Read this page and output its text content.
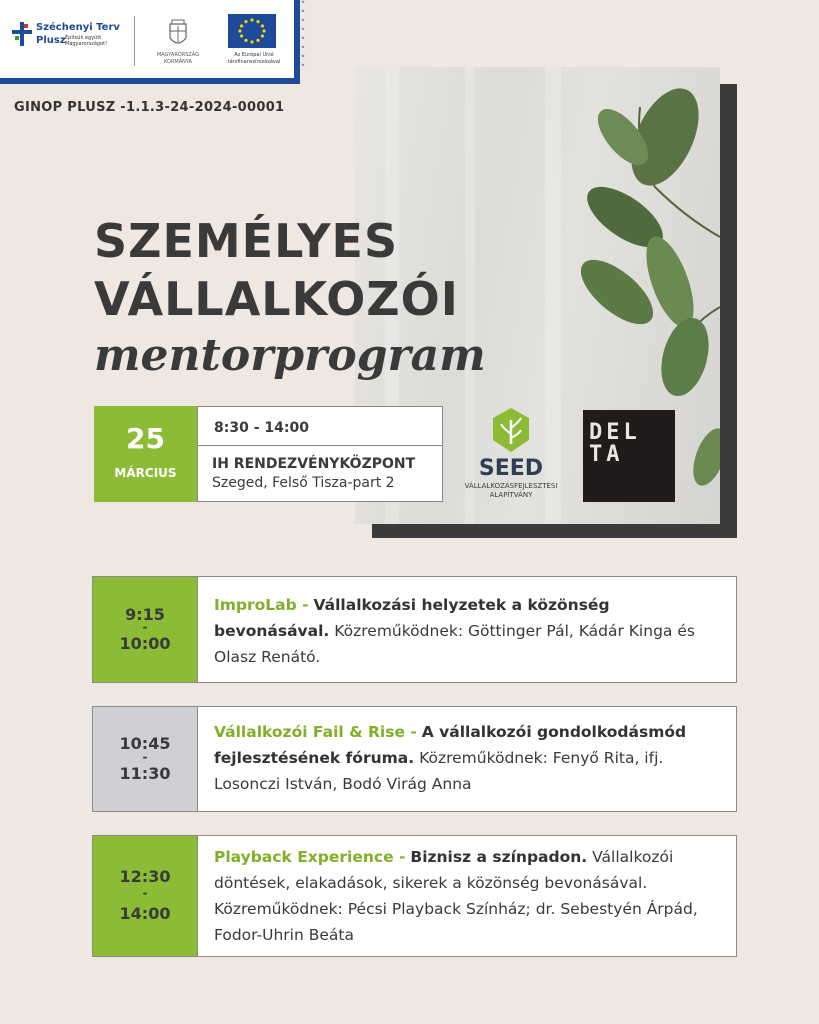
Széchenyi Terv
Plusz Építsük együtt Magyarországot!
MAGYARORSZÁG KORMÁNYA
Az Európai Unió társfinanszírozásával
˅
˅
˅
˅
˅
˅
˅
˅
GINOP PLUSZ -1.1.3-24-2024-00001
SZEMÉLYES
VÁLLALKOZÓI
mentorprogram
25
MÁRCIUS
8:30 - 14:00
IH RENDEZVÉNYKÖZPONT
Szeged, Felső Tisza-part 2
SEED
VÁLLALKOZÁSFEJLESZTÉSI ALAPÍTVÁNY
DEL
TA
9:15
-
10:00
ImproLab - Vállalkozási helyzetek a közönség bevonásával. Közreműködnek: Göttinger Pál, Kádár Kinga és Olasz Renátó.
10:45
-
11:30
Vállalkozói Fail & Rise - A vállalkozói gondolkodásmód fejlesztésének fóruma. Közreműködnek: Fenyő Rita, ifj. Losonczi István, Bodó Virág Anna
12:30
-
14:00
Playback Experience - Biznisz a színpadon. Vállalkozói döntések, elakadások, sikerek a közönség bevonásával. Közreműködnek: Pécsi Playback Színház; dr. Sebestyén Árpád, Fodor-Uhrin Beáta
